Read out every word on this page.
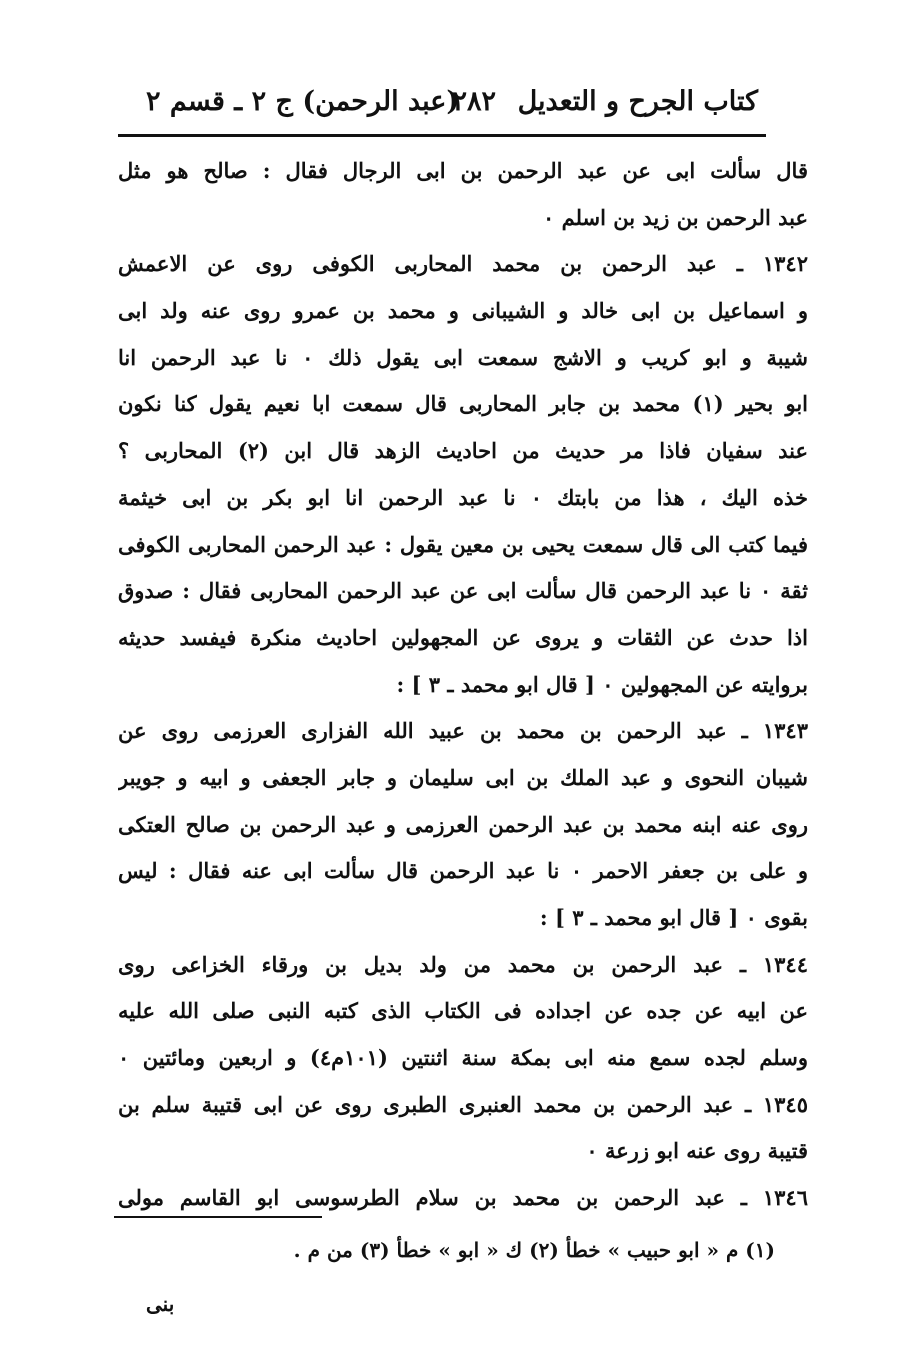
كتاب الجرح و التعديل
٢٨٢
(عبد الرحمن) ج ٢ ـ قسم ٢
قال سألت ابى عن عبد الرحمن بن ابى الرجال فقال : صالح هو مثل
عبد الرحمن بن زيد بن اسلم ٠
١٣٤٢ ـ عبد الرحمن بن محمد المحاربى الكوفى روى عن الاعمش
و اسماعيل بن ابى خالد و الشيبانى و محمد بن عمرو روى عنه ولد ابى
شيبة و ابو كريب و الاشج سمعت ابى يقول ذلك ٠ نا عبد الرحمن انا
ابو بحير (١) محمد بن جابر المحاربى قال سمعت ابا نعيم يقول كنا نكون
عند سفيان فاذا مر حديث من احاديث الزهد قال ابن (٢) المحاربى ؟
خذه اليك ، هذا من بابتك ٠ نا عبد الرحمن انا ابو بكر بن ابى خيثمة
فيما كتب الى قال سمعت يحيى بن معين يقول : عبد الرحمن المحاربى الكوفى
ثقة ٠ نا عبد الرحمن قال سألت ابى عن عبد الرحمن المحاربى فقال : صدوق
اذا حدث عن الثقات و يروى عن المجهولين احاديث منكرة فيفسد حديثه
بروايته عن المجهولين ٠ [ قال ابو محمد ـ ٣ ] :
١٣٤٣ ـ عبد الرحمن بن محمد بن عبيد الله الفزارى العرزمى روى عن
شيبان النحوى و عبد الملك بن ابى سليمان و جابر الجعفى و ابيه و جويبر
روى عنه ابنه محمد بن عبد الرحمن العرزمى و عبد الرحمن بن صالح العتكى
و على بن جعفر الاحمر ٠ نا عبد الرحمن قال سألت ابى عنه فقال : ليس
بقوى ٠ [ قال ابو محمد ـ ٣ ] :
١٣٤٤ ـ عبد الرحمن بن محمد من ولد بديل بن ورقاء الخزاعى روى
عن ابيه عن جده عن اجداده فى الكتاب الذى كتبه النبى صلى الله عليه
وسلم لجده سمع منه ابى بمكة سنة اثنتين (١٠١م٤) و اربعين ومائتين ٠
١٣٤٥ ـ عبد الرحمن بن محمد العنبرى الطبرى روى عن ابى قتيبة سلم بن
قتيبة روى عنه ابو زرعة ٠
١٣٤٦ ـ عبد الرحمن بن محمد بن سلام الطرسوسى ابو القاسم مولى
(١) م « ابو حبيب » خطأ (٢) ك « ابو » خطأ (٣) من م .
بنى
